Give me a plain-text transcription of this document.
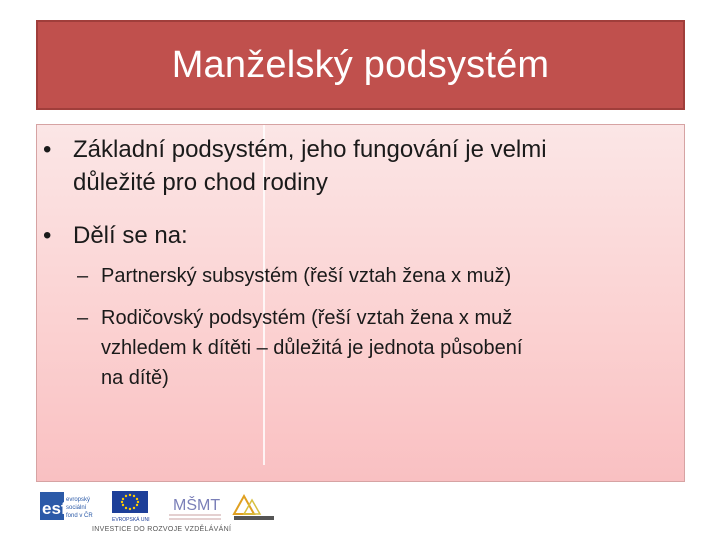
Manželský podsystém
• Základní podsystém, jeho fungování je velmi
důležité pro chod rodiny
• Dělí se na:
– Partnerský subsystém (řeší vztah žena x muž)
– Rodičovský podsystém (řeší vztah žena x muž
vzhledem k dítěti – důležitá je jednota působení
na dítě)
esf evropský
sociální
fond v ČR
EVROPSKÁ UNIE
MŠMT
INVESTICE DO ROZVOJE VZDĚLÁVÁNÍ
